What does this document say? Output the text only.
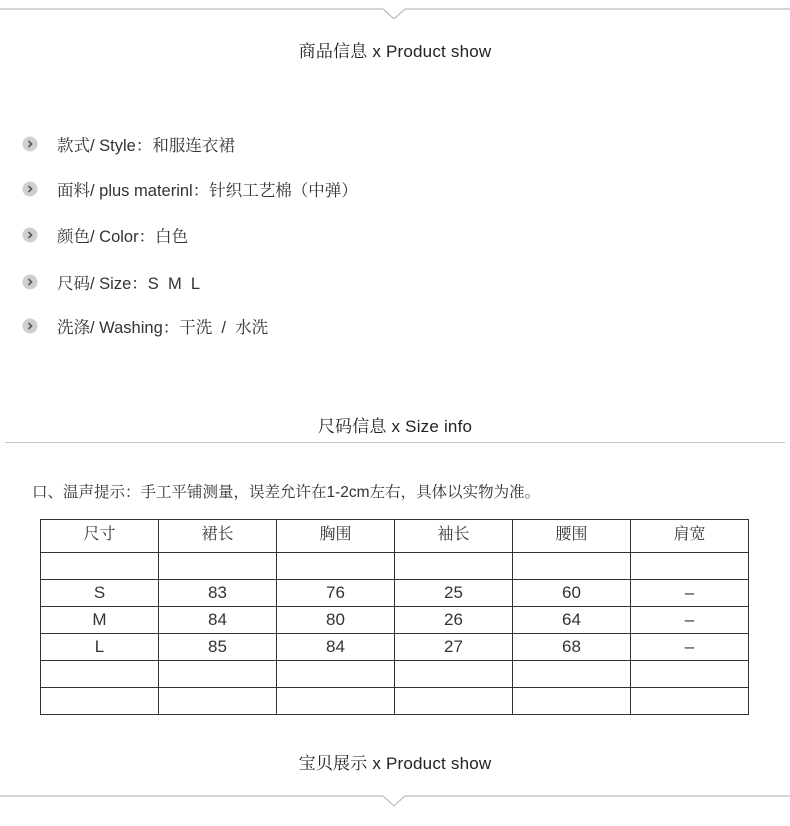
商品信息 x Product show
款式/ Style：和服连衣裙
面料/ plus materinl：针织工艺棉（中弹）
颜色/ Color：白色
尺码/ Size：S  M  L
洗涤/ Washing：干洗  /  水洗
尺码信息 x Size info
口、温声提示：手工平铺测量，误差允许在1-2cm左右，具体以实物为准。
尺寸	裙长	胸围	袖长	腰围	肩宽

S	83	76	25	60	–
M	84	80	26	64	–
L	85	84	27	68	–

宝贝展示 x Product show
